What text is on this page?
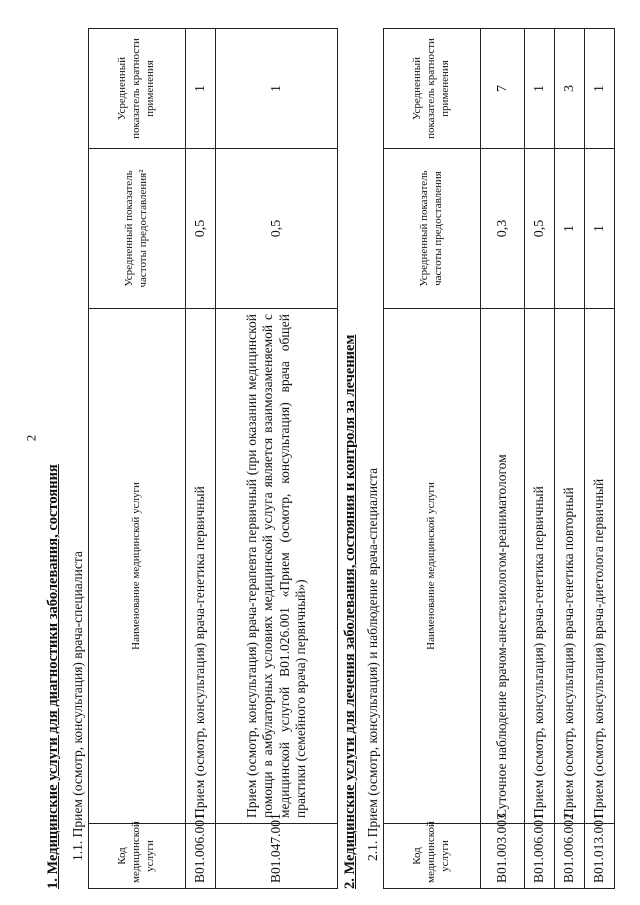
2
1. Медицинские услуги для диагностики заболевания, состояния 1.1. Прием (осмотр, консультация) врача-специалиста	Код медицинской услуги	Наименование медицинской услуги	Усредненный показатель частоты предоставления²	Усредненный показатель кратности применения
B01.006.001	Прием (осмотр, консультация) врача-генетика первичный	0,5	1
B01.047.001	Прием (осмотр, консультация) врача-терапевта первичный (при оказании медицинской помощи в амбулаторных условиях медицинской услуга является взаимозаменяемой с медицинской услугой B01.026.001 «Прием (осмотр, консультация) врача общей практики (семейного врача) первичный»)	0,5	1
2. Медицинские услуги для лечения заболевания, состояния и контроля за лечением 2.1. Прием (осмотр, консультация) и наблюдение врача-специалиста	Код медицинской услуги	Наименование медицинской услуги	Усредненный показатель частоты предоставления	Усредненный показатель кратности применения
B01.003.003	Суточное наблюдение врачом-анестезиологом-реаниматологом	0,3	7
B01.006.001	Прием (осмотр, консультация) врача-генетика первичный	0,5	1
B01.006.002	Прием (осмотр, консультация) врача-генетика повторный	1	3
B01.013.001	Прием (осмотр, консультация) врача-диетолога первичный	1	1
